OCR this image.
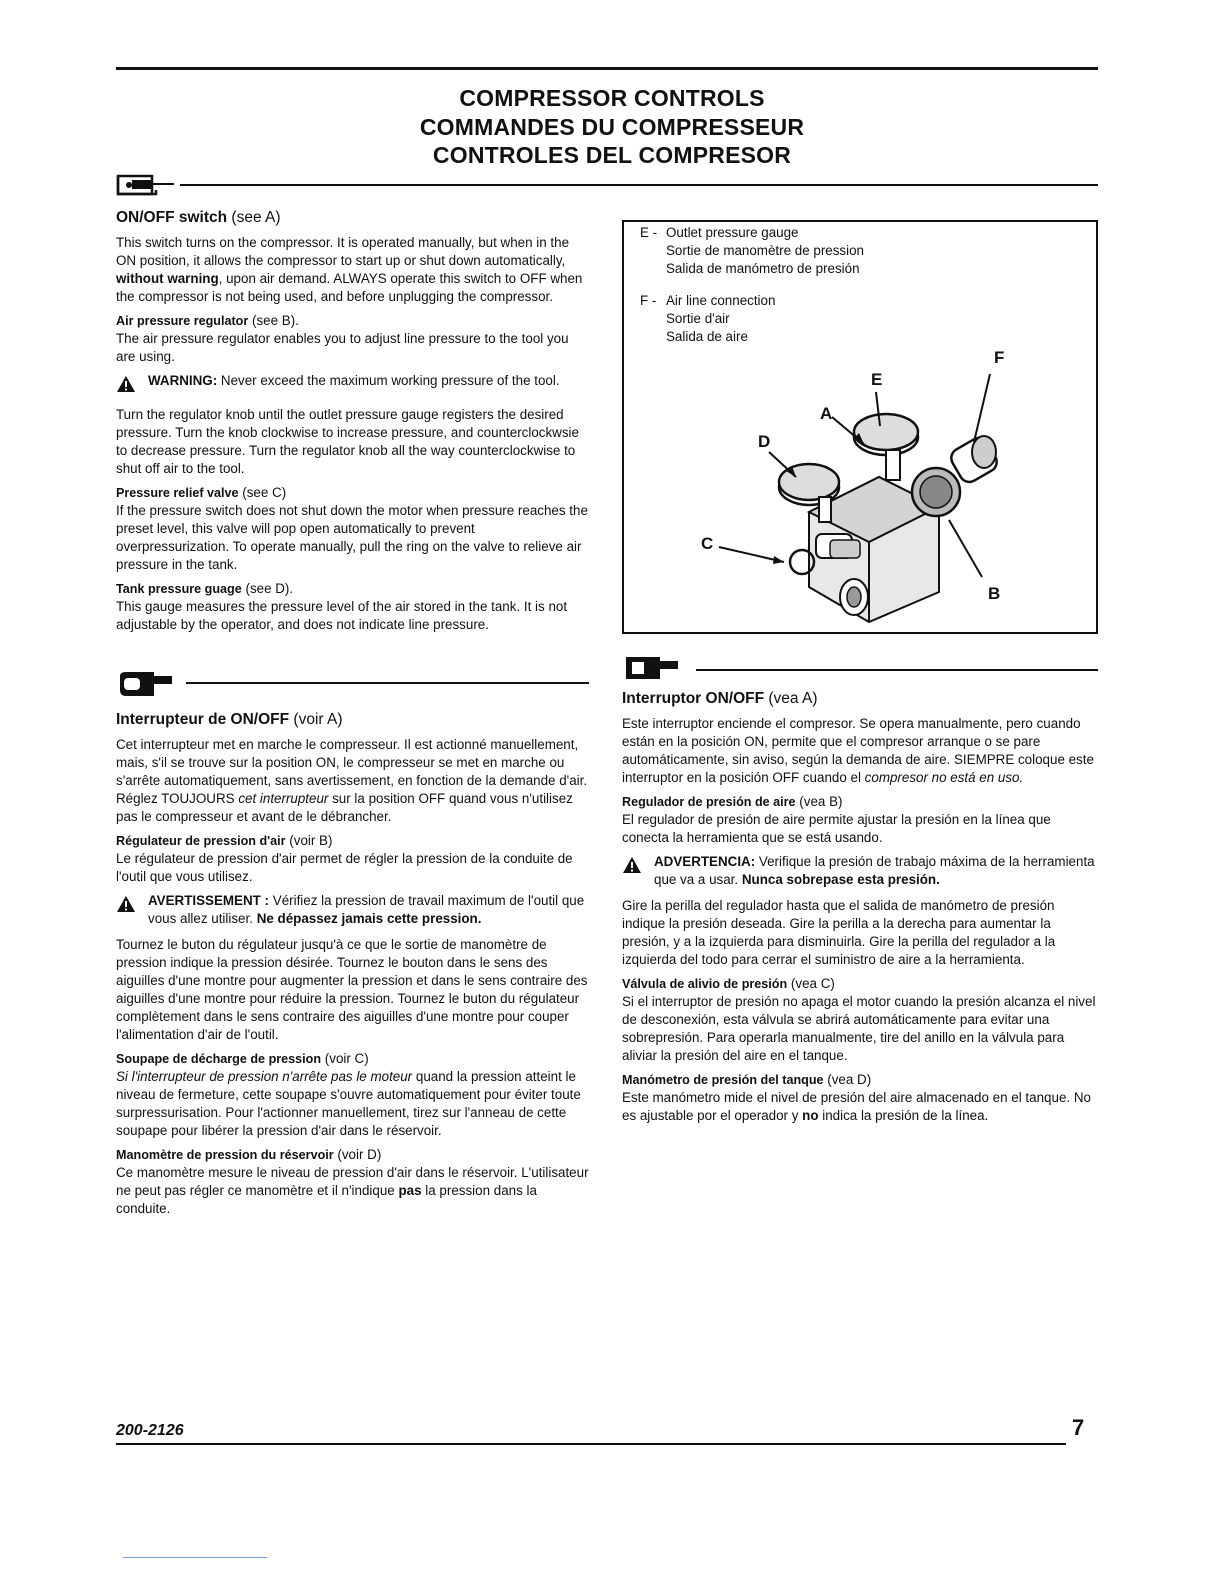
COMPRESSOR CONTROLS
COMMANDES DU COMPRESSEUR
CONTROLES DEL COMPRESOR

ON/OFF switch (see A)

This switch turns on the compressor. It is operated manually, but when in the ON position, it allows the compressor to start up or shut down automatically, without warning, upon air demand. ALWAYS operate this switch to OFF when the compressor is not being used, and before unplugging the compressor.

Air pressure regulator (see B).

The air pressure regulator enables you to adjust line pressure to the tool you are using.

WARNING: Never exceed the maximum working pressure of the tool.

Turn the regulator knob until the outlet pressure gauge registers the desired pressure. Turn the knob clockwise to increase pressure, and counterclockwsie to decrease pressure. Turn the regulator knob all the way counterclockwise to shut off air to the tool.

Pressure relief valve (see C)

If the pressure switch does not shut down the motor when pressure reaches the preset level, this valve will pop open automatically to prevent overpressurization. To operate manually, pull the ring on the valve to relieve air pressure in the tank.

Tank pressure guage (see D).

This gauge measures the pressure level of the air stored in the tank. It is not adjustable by the operator, and does not indicate line pressure.

Interrupteur de ON/OFF (voir A)

Cet interrupteur met en marche le compresseur. Il est actionné manuellement, mais, s'il se trouve sur la position ON, le compresseur se met en marche ou s'arrête automatiquement, sans avertissement, en fonction de la demande d'air. Réglez TOUJOURS cet interrupteur sur la position OFF quand vous n'utilisez pas le compresseur et avant de le débrancher.

Régulateur de pression d'air (voir B)

Le régulateur de pression d'air permet de régler la pression de la conduite de l'outil que vous utilisez.

AVERTISSEMENT : Vérifiez la pression de travail maximum de l'outil que vous allez utiliser. Ne dépassez jamais cette pression.

Tournez le buton du régulateur jusqu'à ce que le sortie de manomètre de pression indique la pression désirée. Tournez le bouton dans le sens des aiguilles d'une montre pour augmenter la pression et dans le sens contraire des aiguilles d'une montre pour réduire la pression. Tournez le buton du régulateur complètement dans le sens contraire des aiguilles d'une montre pour couper l'alimentation d'air de l'outil.

Soupape de décharge de pression (voir C)

Si l'interrupteur de pression n'arrête pas le moteur quand la pression atteint le niveau de fermeture, cette soupape s'ouvre automatiquement pour éviter toute surpressurisation. Pour l'actionner manuellement, tirez sur l'anneau de cette soupape pour libérer la pression d'air dans le réservoir.

Manomètre de pression du réservoir (voir D)

Ce manomètre mesure le niveau de pression d'air dans le réservoir. L'utilisateur ne peut pas régler ce manomètre et il n'indique pas la pression dans la conduite.

E - Outlet pressure gauge
Sortie de manomètre de pression
Salida de manómetro de presión
F - Air line connection
Sortie d'air
Salida de aire
F
E
A
D
C
B

Interruptor ON/OFF (vea A)

Este interruptor enciende el compresor. Se opera manualmente, pero cuando están en la posición ON, permite que el compresor arranque o se pare automáticamente, sin aviso, según la demanda de aire. SIEMPRE coloque este interruptor en la posición OFF cuando el compresor no está en uso.

Regulador de presión de aire (vea B)

El regulador de presión de aire permite ajustar la presión en la línea que conecta la herramienta que se está usando.

ADVERTENCIA: Verifique la presión de trabajo máxima de la herramienta que va a usar. Nunca sobrepase esta presión.

Gire la perilla del regulador hasta que el salida de manómetro de presión indique la presión deseada. Gire la perilla a la derecha para aumentar la presión, y a la izquierda para disminuirla. Gire la perilla del regulador a la izquierda del todo para cerrar el suministro de aire a la herramienta.

Válvula de alivio de presión (vea C)

Si el interruptor de presión no apaga el motor cuando la presión alcanza el nivel de desconexión, esta válvula se abrirá automáticamente para evitar una sobrepresión. Para operarla manualmente, tire del anillo en la válvula para aliviar la presión del aire en el tanque.

Manómetro de presión del tanque (vea D)

Este manómetro mide el nivel de presión del aire almacenado en el tanque. No es ajustable por el operador y no indica la presión de la línea.

200-2126	7
